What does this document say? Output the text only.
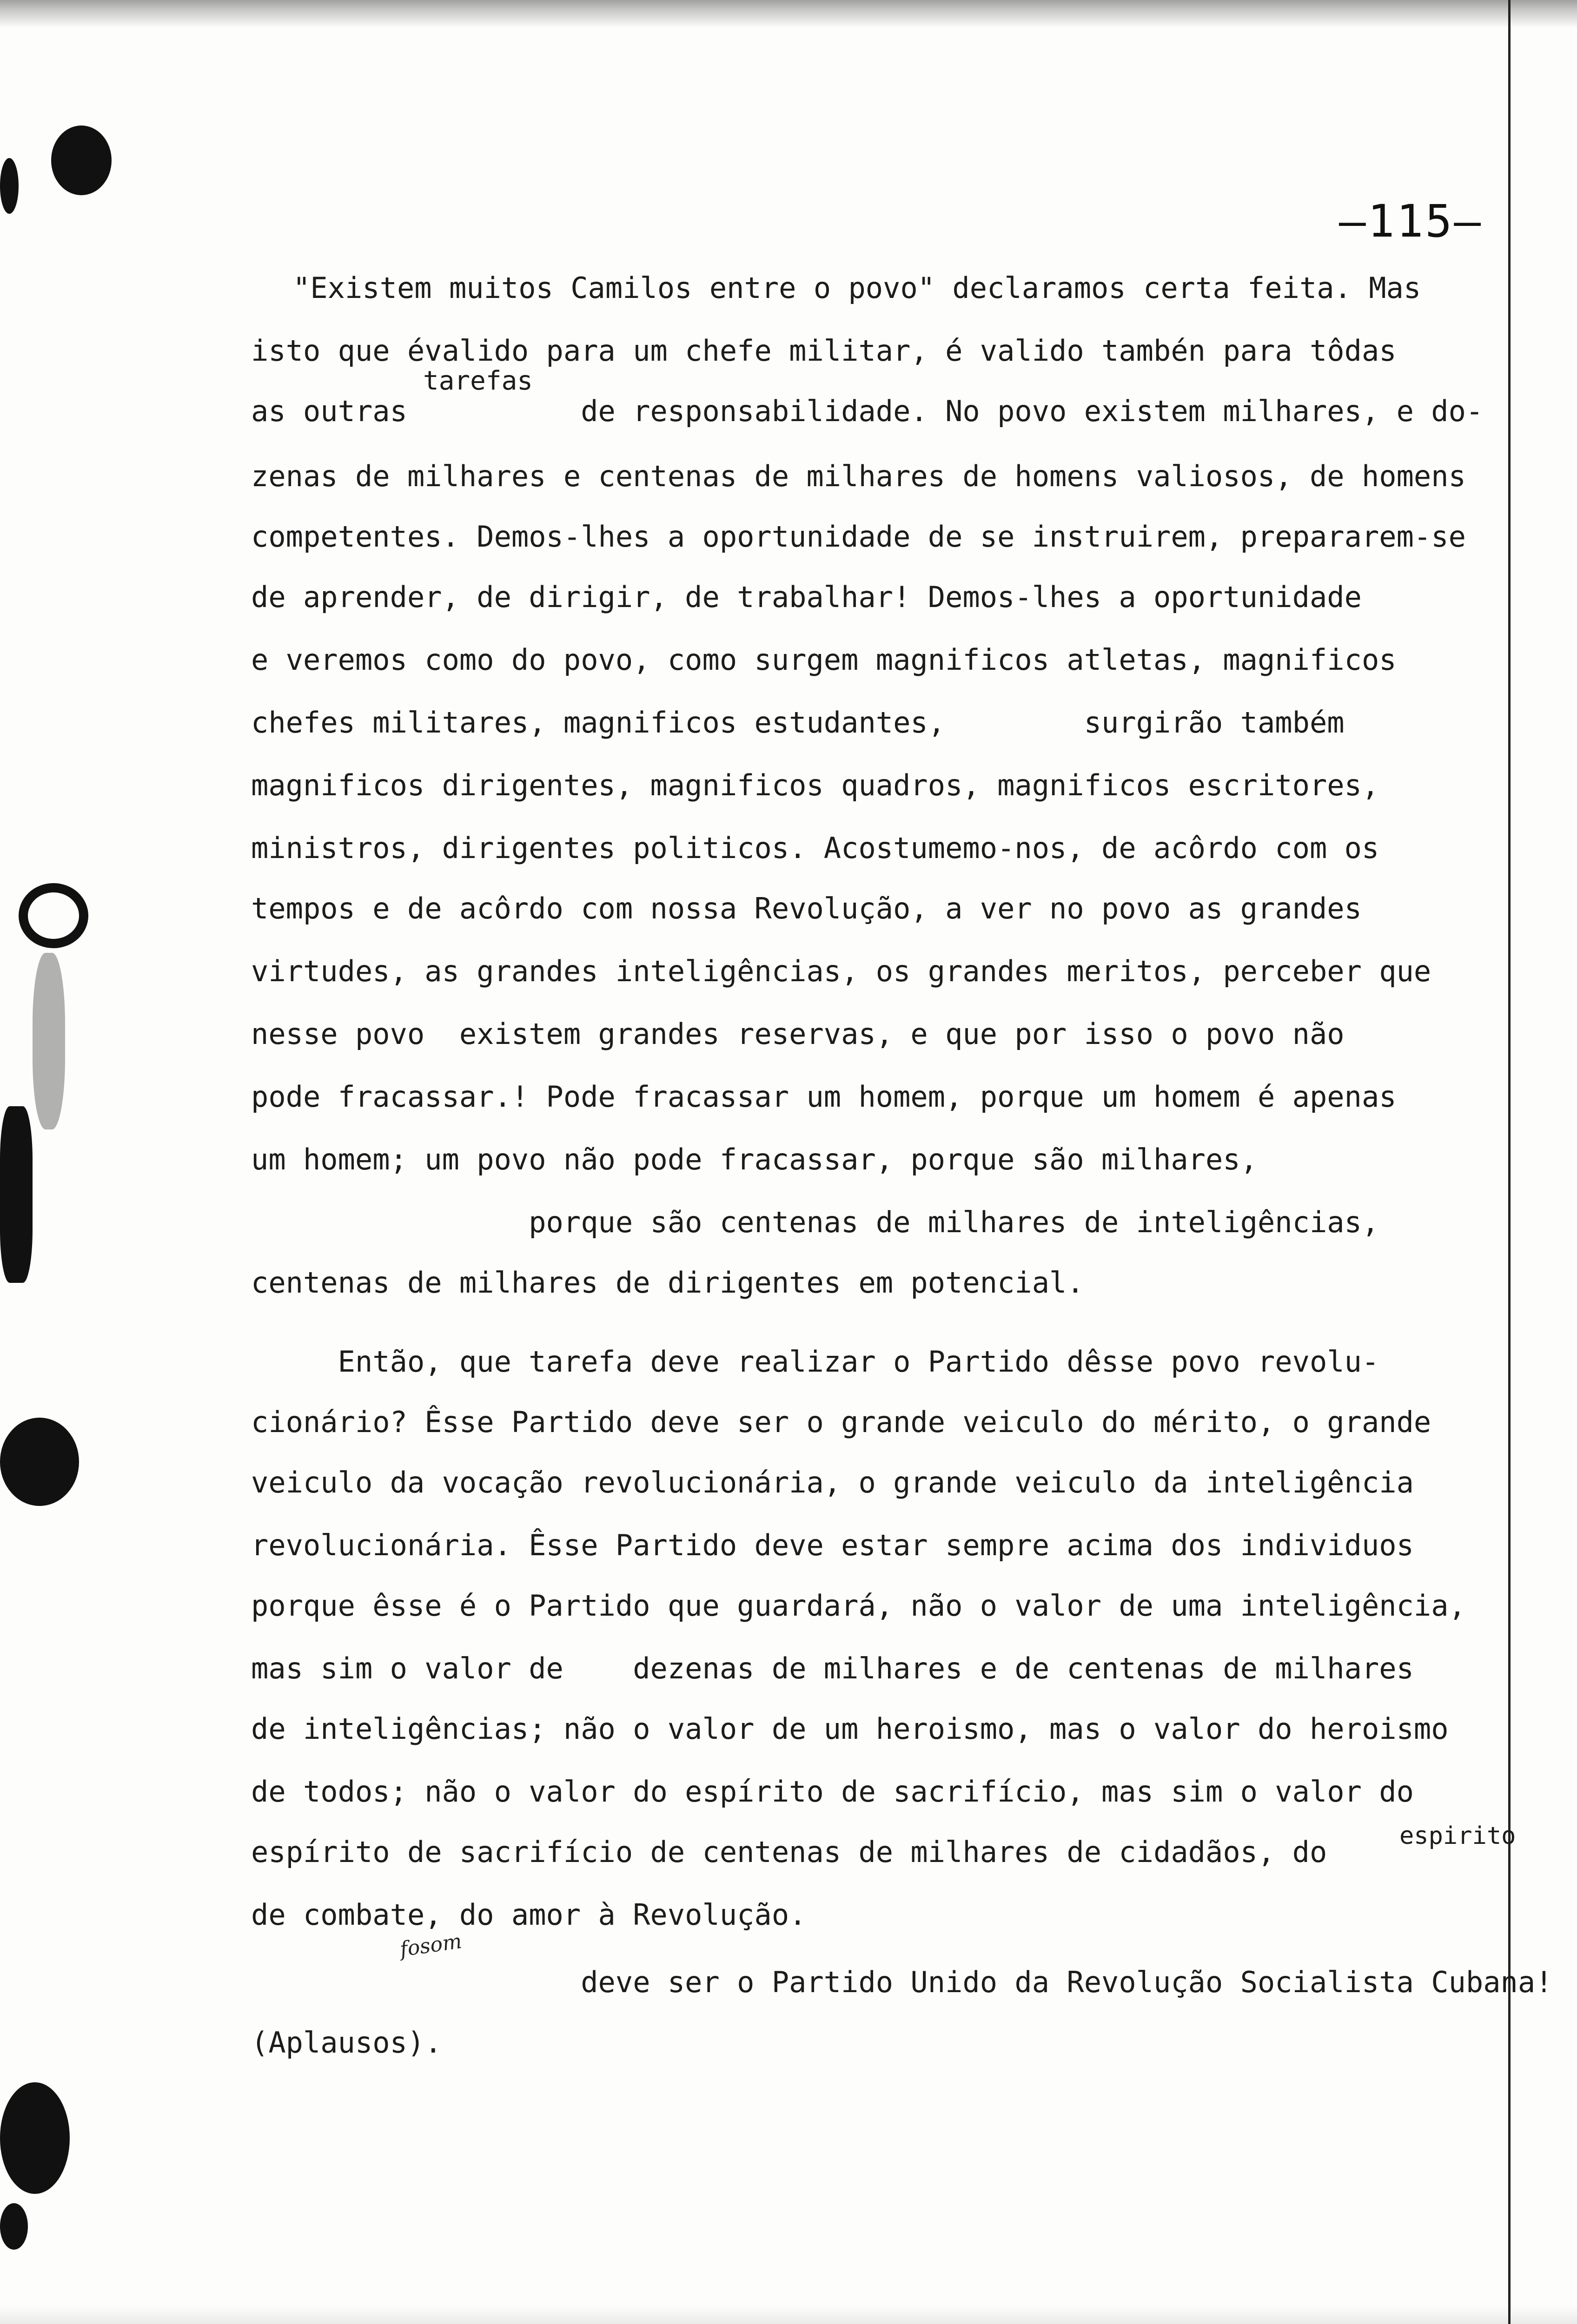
—115—
tarefas
espirito
fosom

"Existem muitos Camilos entre o povo" declaramos certa feita. Mas

isto que évalido para um chefe militar, é valido tambén para tôdas

as outras          de responsabilidade. No povo existem milhares, e do-

zenas de milhares e centenas de milhares de homens valiosos, de homens

competentes. Demos-lhes a oportunidade de se instruirem, prepararem-se

de aprender, de dirigir, de trabalhar! Demos-lhes a oportunidade

e veremos como do povo, como surgem magnificos atletas, magnificos

chefes militares, magnificos estudantes,        surgirão também

magnificos dirigentes, magnificos quadros, magnificos escritores,

ministros, dirigentes politicos. Acostumemo-nos, de acôrdo com os

tempos e de acôrdo com nossa Revolução, a ver no povo as grandes

virtudes, as grandes inteligências, os grandes meritos, perceber que

nesse povo  existem grandes reservas, e que por isso o povo não

pode fracassar.! Pode fracassar um homem, porque um homem é apenas

um homem; um povo não pode fracassar, porque são milhares,

porque são centenas de milhares de inteligências,

centenas de milhares de dirigentes em potencial.

Então, que tarefa deve realizar o Partido dêsse povo revolu-

cionário? Êsse Partido deve ser o grande veiculo do mérito, o grande

veiculo da vocação revolucionária, o grande veiculo da inteligência

revolucionária. Êsse Partido deve estar sempre acima dos individuos

porque êsse é o Partido que guardará, não o valor de uma inteligência,

mas sim o valor de    dezenas de milhares e de centenas de milhares

de inteligências; não o valor de um heroismo, mas o valor do heroismo

de todos; não o valor do espírito de sacrifício, mas sim o valor do

espírito de sacrifício de centenas de milhares de cidadãos, do

de combate, do amor à Revolução.

deve ser o Partido Unido da Revolução Socialista Cubana!

(Aplausos).
